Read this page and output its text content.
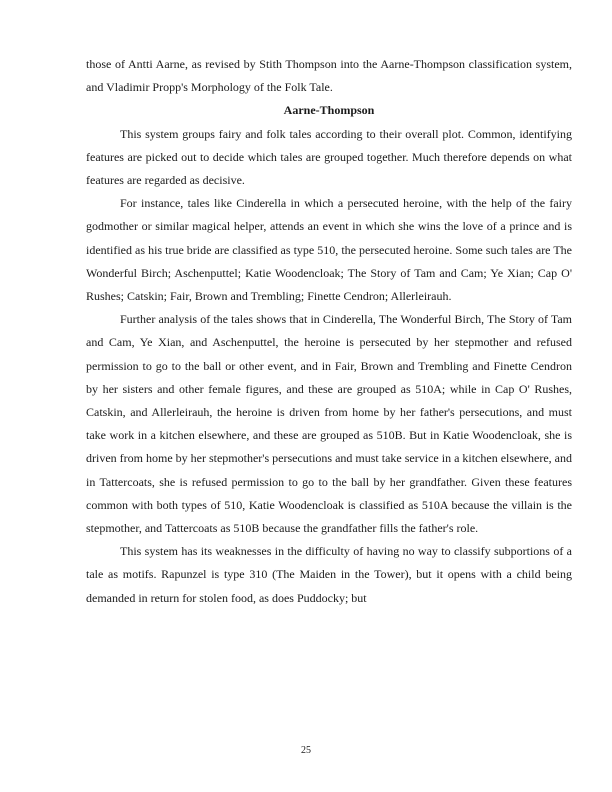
those of Antti Aarne, as revised by Stith Thompson into the Aarne-Thompson classification system, and Vladimir Propp's Morphology of the Folk Tale.

Aarne-Thompson

This system groups fairy and folk tales according to their overall plot. Common, identifying features are picked out to decide which tales are grouped together. Much therefore depends on what features are regarded as decisive.

For instance, tales like Cinderella in which a persecuted heroine, with the help of the fairy godmother or similar magical helper, attends an event in which she wins the love of a prince and is identified as his true bride are classified as type 510, the persecuted heroine. Some such tales are The Wonderful Birch; Aschenputtel; Katie Woodencloak; The Story of Tam and Cam; Ye Xian; Cap O' Rushes; Catskin; Fair, Brown and Trembling; Finette Cendron; Allerleirauh.

Further analysis of the tales shows that in Cinderella, The Wonderful Birch, The Story of Tam and Cam, Ye Xian, and Aschenputtel, the heroine is persecuted by her stepmother and refused permission to go to the ball or other event, and in Fair, Brown and Trembling and Finette Cendron by her sisters and other female figures, and these are grouped as 510A; while in Cap O' Rushes, Catskin, and Allerleirauh, the heroine is driven from home by her father's persecutions, and must take work in a kitchen elsewhere, and these are grouped as 510B. But in Katie Woodencloak, she is driven from home by her stepmother's persecutions and must take service in a kitchen elsewhere, and in Tattercoats, she is refused permission to go to the ball by her grandfather. Given these features common with both types of 510, Katie Woodencloak is classified as 510A because the villain is the stepmother, and Tattercoats as 510B because the grandfather fills the father's role.

This system has its weaknesses in the difficulty of having no way to classify subportions of a tale as motifs. Rapunzel is type 310 (The Maiden in the Tower), but it opens with a child being demanded in return for stolen food, as does Puddocky; but

25
